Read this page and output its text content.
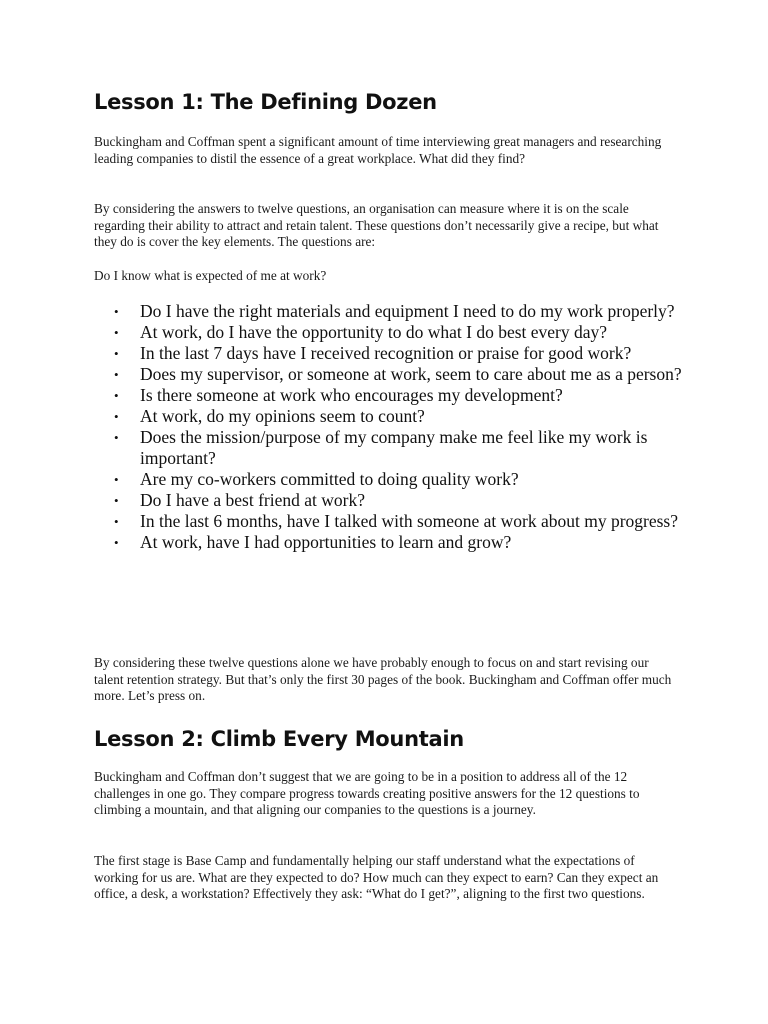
Lesson 1: The Defining Dozen

Buckingham and Coffman spent a significant amount of time interviewing great managers and researching leading companies to distil the essence of a great workplace. What did they find?

By considering the answers to twelve questions, an organisation can measure where it is on the scale regarding their ability to attract and retain talent. These questions don’t necessarily give a recipe, but what they do is cover the key elements. The questions are:

Do I know what is expected of me at work?

• Do I have the right materials and equipment I need to do my work properly?
• At work, do I have the opportunity to do what I do best every day?
• In the last 7 days have I received recognition or praise for good work?
• Does my supervisor, or someone at work, seem to care about me as a person?
• Is there someone at work who encourages my development?
• At work, do my opinions seem to count?
• Does the mission/purpose of my company make me feel like my work is important?
• Are my co-workers committed to doing quality work?
• Do I have a best friend at work?
• In the last 6 months, have I talked with someone at work about my progress?
• At work, have I had opportunities to learn and grow?

By considering these twelve questions alone we have probably enough to focus on and start revising our talent retention strategy. But that’s only the first 30 pages of the book. Buckingham and Coffman offer much more. Let’s press on.

Lesson 2: Climb Every Mountain

Buckingham and Coffman don’t suggest that we are going to be in a position to address all of the 12 challenges in one go. They compare progress towards creating positive answers for the 12 questions to climbing a mountain, and that aligning our companies to the questions is a journey.

The first stage is Base Camp and fundamentally helping our staff understand what the expectations of working for us are. What are they expected to do? How much can they expect to earn? Can they expect an office, a desk, a workstation? Effectively they ask: “What do I get?”, aligning to the first two questions.
